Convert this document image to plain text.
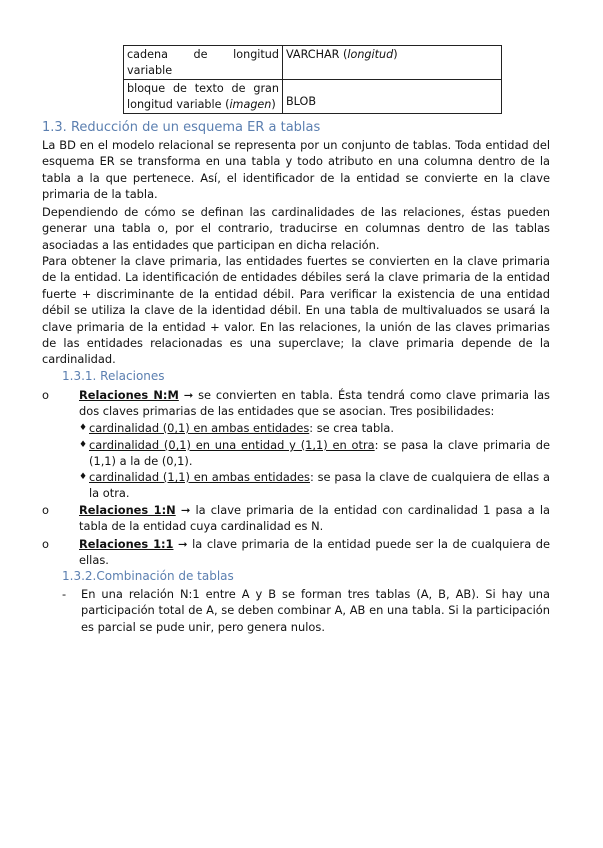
cadena de longitud variable	VARCHAR (longitud)
bloque de texto de gran longitud variable (imagen)	BLOB
1.3. Reducción de un esquema ER a tablas
La BD en el modelo relacional se representa por un conjunto de tablas. Toda entidad del esquema ER se transforma en una tabla y todo atributo en una columna dentro de la tabla a la que pertenece. Así, el identificador de la entidad se convierte en la clave primaria de la tabla.
Dependiendo de cómo se definan las cardinalidades de las relaciones, éstas pueden generar una tabla o, por el contrario, traducirse en columnas dentro de las tablas asociadas a las entidades que participan en dicha relación.
Para obtener la clave primaria, las entidades fuertes se convierten en la clave primaria de la entidad. La identificación de entidades débiles será la clave primaria de la entidad fuerte + discriminante de la entidad débil. Para verificar la existencia de una entidad débil se utiliza la clave de la identidad débil. En una tabla de multivaluados se usará la clave primaria de la entidad + valor. En las relaciones, la unión de las claves primarias de las entidades relacionadas es una superclave; la clave primaria depende de la cardinalidad.
1.3.1. Relaciones
o	Relaciones N:M ➞ se convierten en tabla. Ésta tendrá como clave primaria las dos claves primarias de las entidades que se asocian. Tres posibilidades:
♦ cardinalidad (0,1) en ambas entidades: se crea tabla.
♦ cardinalidad (0,1) en una entidad y (1,1) en otra: se pasa la clave primaria de (1,1) a la de (0,1).
♦ cardinalidad (1,1) en ambas entidades: se pasa la clave de cualquiera de ellas a la otra.
o	Relaciones 1:N ➞ la clave primaria de la entidad con cardinalidad 1 pasa a la tabla de la entidad cuya cardinalidad es N.
o	Relaciones 1:1 ➞ la clave primaria de la entidad puede ser la de cualquiera de ellas.
1.3.2.Combinación de tablas
- En una relación N:1 entre A y B se forman tres tablas (A, B, AB). Si hay una participación total de A, se deben combinar A, AB en una tabla. Si la participación es parcial se pude unir, pero genera nulos.
